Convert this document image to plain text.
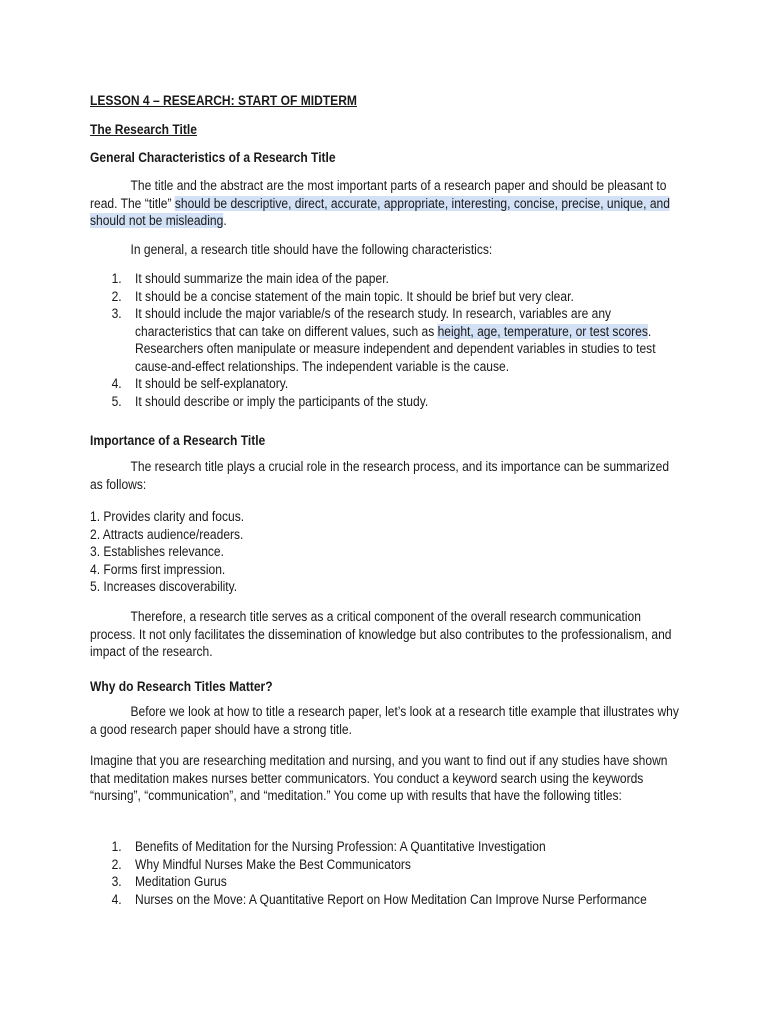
LESSON 4 – RESEARCH: START OF MIDTERM
The Research Title
General Characteristics of a Research Title
The title and the abstract are the most important parts of a research paper and should be pleasant to read. The “title” should be descriptive, direct, accurate, appropriate, interesting, concise, precise, unique, and should not be misleading.
In general, a research title should have the following characteristics:
1. It should summarize the main idea of the paper.
2. It should be a concise statement of the main topic. It should be brief but very clear.
3. It should include the major variable/s of the research study. In research, variables are any characteristics that can take on different values, such as height, age, temperature, or test scores. Researchers often manipulate or measure independent and dependent variables in studies to test cause-and-effect relationships. The independent variable is the cause.
4. It should be self-explanatory.
5. It should describe or imply the participants of the study.
Importance of a Research Title
The research title plays a crucial role in the research process, and its importance can be summarized as follows:
1. Provides clarity and focus.
2. Attracts audience/readers.
3. Establishes relevance.
4. Forms first impression.
5. Increases discoverability.
Therefore, a research title serves as a critical component of the overall research communication process. It not only facilitates the dissemination of knowledge but also contributes to the professionalism, and impact of the research.
Why do Research Titles Matter?
Before we look at how to title a research paper, let’s look at a research title example that illustrates why a good research paper should have a strong title.
Imagine that you are researching meditation and nursing, and you want to find out if any studies have shown that meditation makes nurses better communicators. You conduct a keyword search using the keywords “nursing”, “communication”, and “meditation.” You come up with results that have the following titles:
1. Benefits of Meditation for the Nursing Profession: A Quantitative Investigation
2. Why Mindful Nurses Make the Best Communicators
3. Meditation Gurus
4. Nurses on the Move: A Quantitative Report on How Meditation Can Improve Nurse Performance
